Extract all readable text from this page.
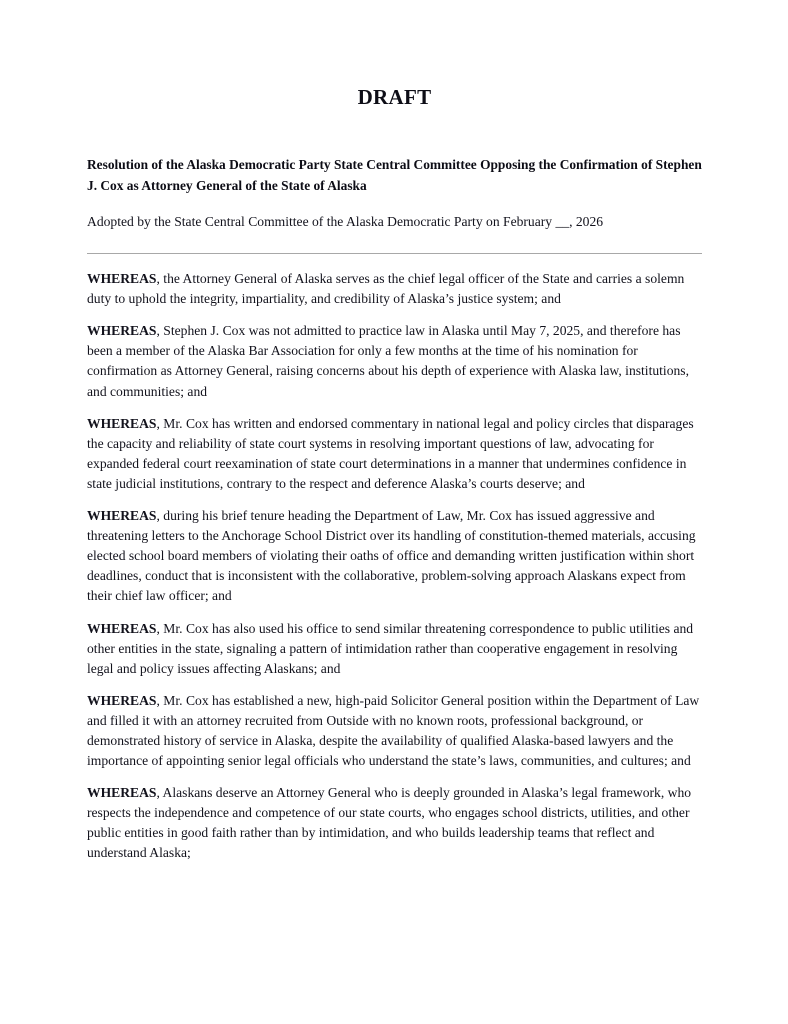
DRAFT
Resolution of the Alaska Democratic Party State Central Committee Opposing the Confirmation of Stephen J. Cox as Attorney General of the State of Alaska

Adopted by the State Central Committee of the Alaska Democratic Party on February __, 2026

WHEREAS, the Attorney General of Alaska serves as the chief legal officer of the State and carries a solemn duty to uphold the integrity, impartiality, and credibility of Alaska’s justice system; and

WHEREAS, Stephen J. Cox was not admitted to practice law in Alaska until May 7, 2025, and therefore has been a member of the Alaska Bar Association for only a few months at the time of his nomination for confirmation as Attorney General, raising concerns about his depth of experience with Alaska law, institutions, and communities; and

WHEREAS, Mr. Cox has written and endorsed commentary in national legal and policy circles that disparages the capacity and reliability of state court systems in resolving important questions of law, advocating for expanded federal court reexamination of state court determinations in a manner that undermines confidence in state judicial institutions, contrary to the respect and deference Alaska’s courts deserve; and

WHEREAS, during his brief tenure heading the Department of Law, Mr. Cox has issued aggressive and threatening letters to the Anchorage School District over its handling of constitution-themed materials, accusing elected school board members of violating their oaths of office and demanding written justification within short deadlines, conduct that is inconsistent with the collaborative, problem-solving approach Alaskans expect from their chief law officer; and

WHEREAS, Mr. Cox has also used his office to send similar threatening correspondence to public utilities and other entities in the state, signaling a pattern of intimidation rather than cooperative engagement in resolving legal and policy issues affecting Alaskans; and

WHEREAS, Mr. Cox has established a new, high-paid Solicitor General position within the Department of Law and filled it with an attorney recruited from Outside with no known roots, professional background, or demonstrated history of service in Alaska, despite the availability of qualified Alaska-based lawyers and the importance of appointing senior legal officials who understand the state’s laws, communities, and cultures; and

WHEREAS, Alaskans deserve an Attorney General who is deeply grounded in Alaska’s legal framework, who respects the independence and competence of our state courts, who engages school districts, utilities, and other public entities in good faith rather than by intimidation, and who builds leadership teams that reflect and understand Alaska;
